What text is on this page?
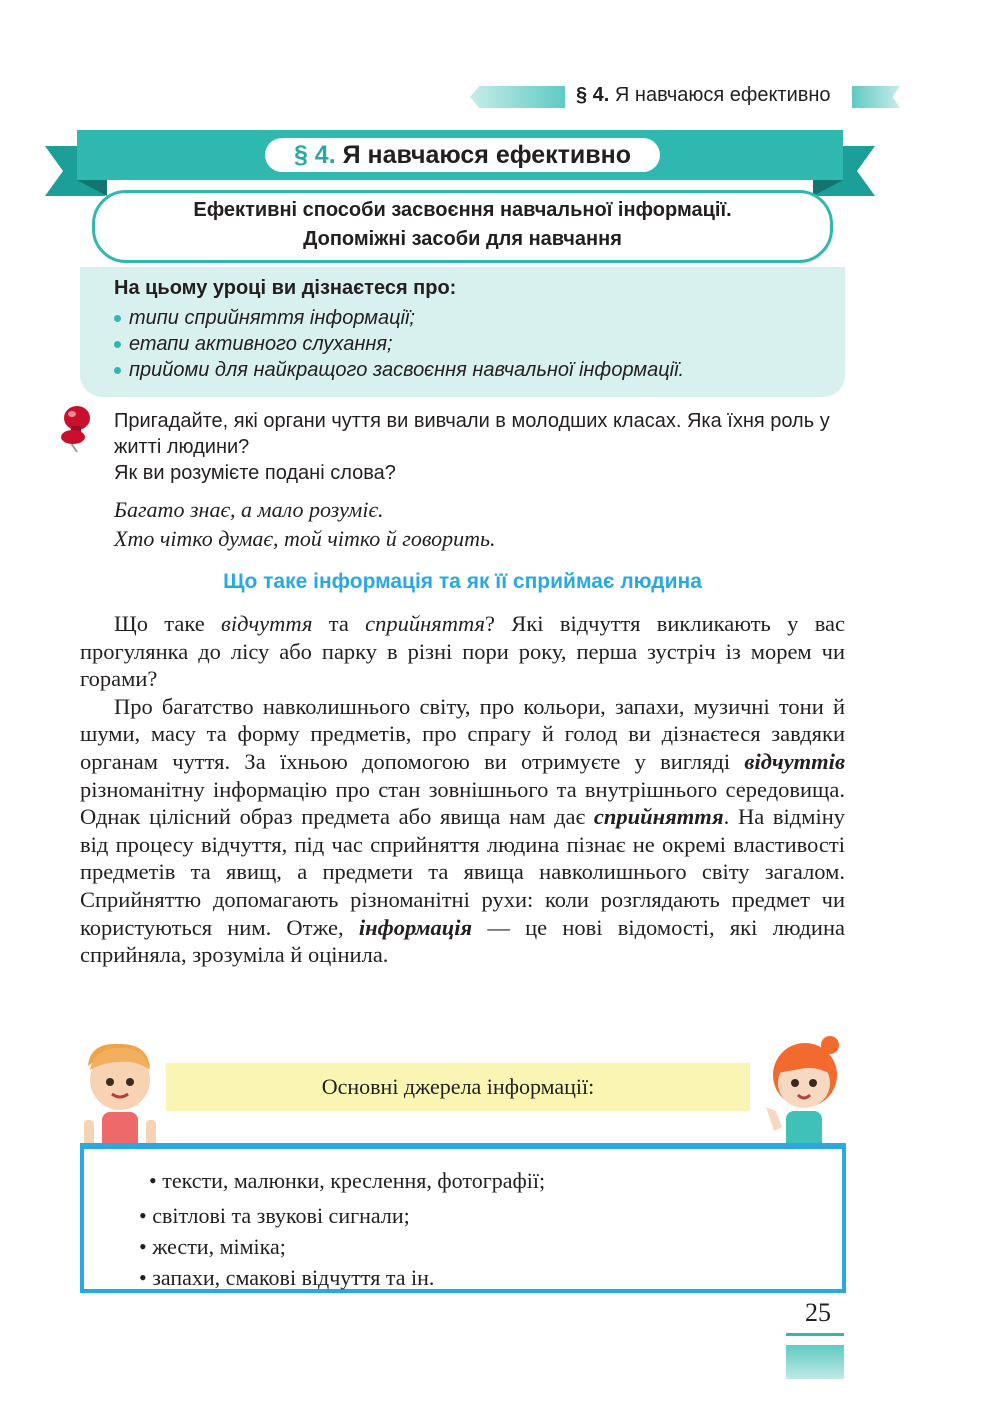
§ 4. Я навчаюся ефективно
§ 4. Я навчаюся ефективно
Ефективні способи засвоєння навчальної інформації.
Допоміжні засоби для навчання
На цьому уроці ви дізнаєтеся про:
типи сприйняття інформації;
етапи активного слухання;
прийоми для найкращого засвоєння навчальної інформації.

Пригадайте, які органи чуття ви вивчали в молодших класах. Яка їхня роль у житті людини?

Як ви розумієте подані слова?

Багато знає, а мало розуміє.

Хто чітко думає, той чітко й говорить.

Що таке інформація та як її сприймає людина

Що таке відчуття та сприйняття? Які відчуття викликають у вас прогулянка до лісу або парку в різні пори року, перша зустріч із морем чи горами?

Про багатство навколишнього світу, про кольори, запахи, музичні тони й шуми, масу та форму предметів, про спрагу й голод ви дізнаєтеся завдяки органам чуття. За їхньою допомогою ви отримуєте у вигляді відчуттів різноманітну інформацію про стан зовнішнього та внутрішнього середовища. Однак цілісний образ предмета або явища нам дає сприйняття. На відміну від процесу відчуття, під час сприйняття людина пізнає не окремі властивості предметів та явищ, а предмети та явища навколишнього світу загалом. Сприйняттю допомагають різноманітні рухи: коли розглядають предмет чи користуються ним. Отже, інформація — це нові відомості, які людина сприйняла, зрозуміла й оцінила.

Основні джерела інформації:
• тексти, малюнки, креслення, фотографії;
• світлові та звукові сигнали;
• жести, міміка;
• запахи, смакові відчуття та ін.
25
